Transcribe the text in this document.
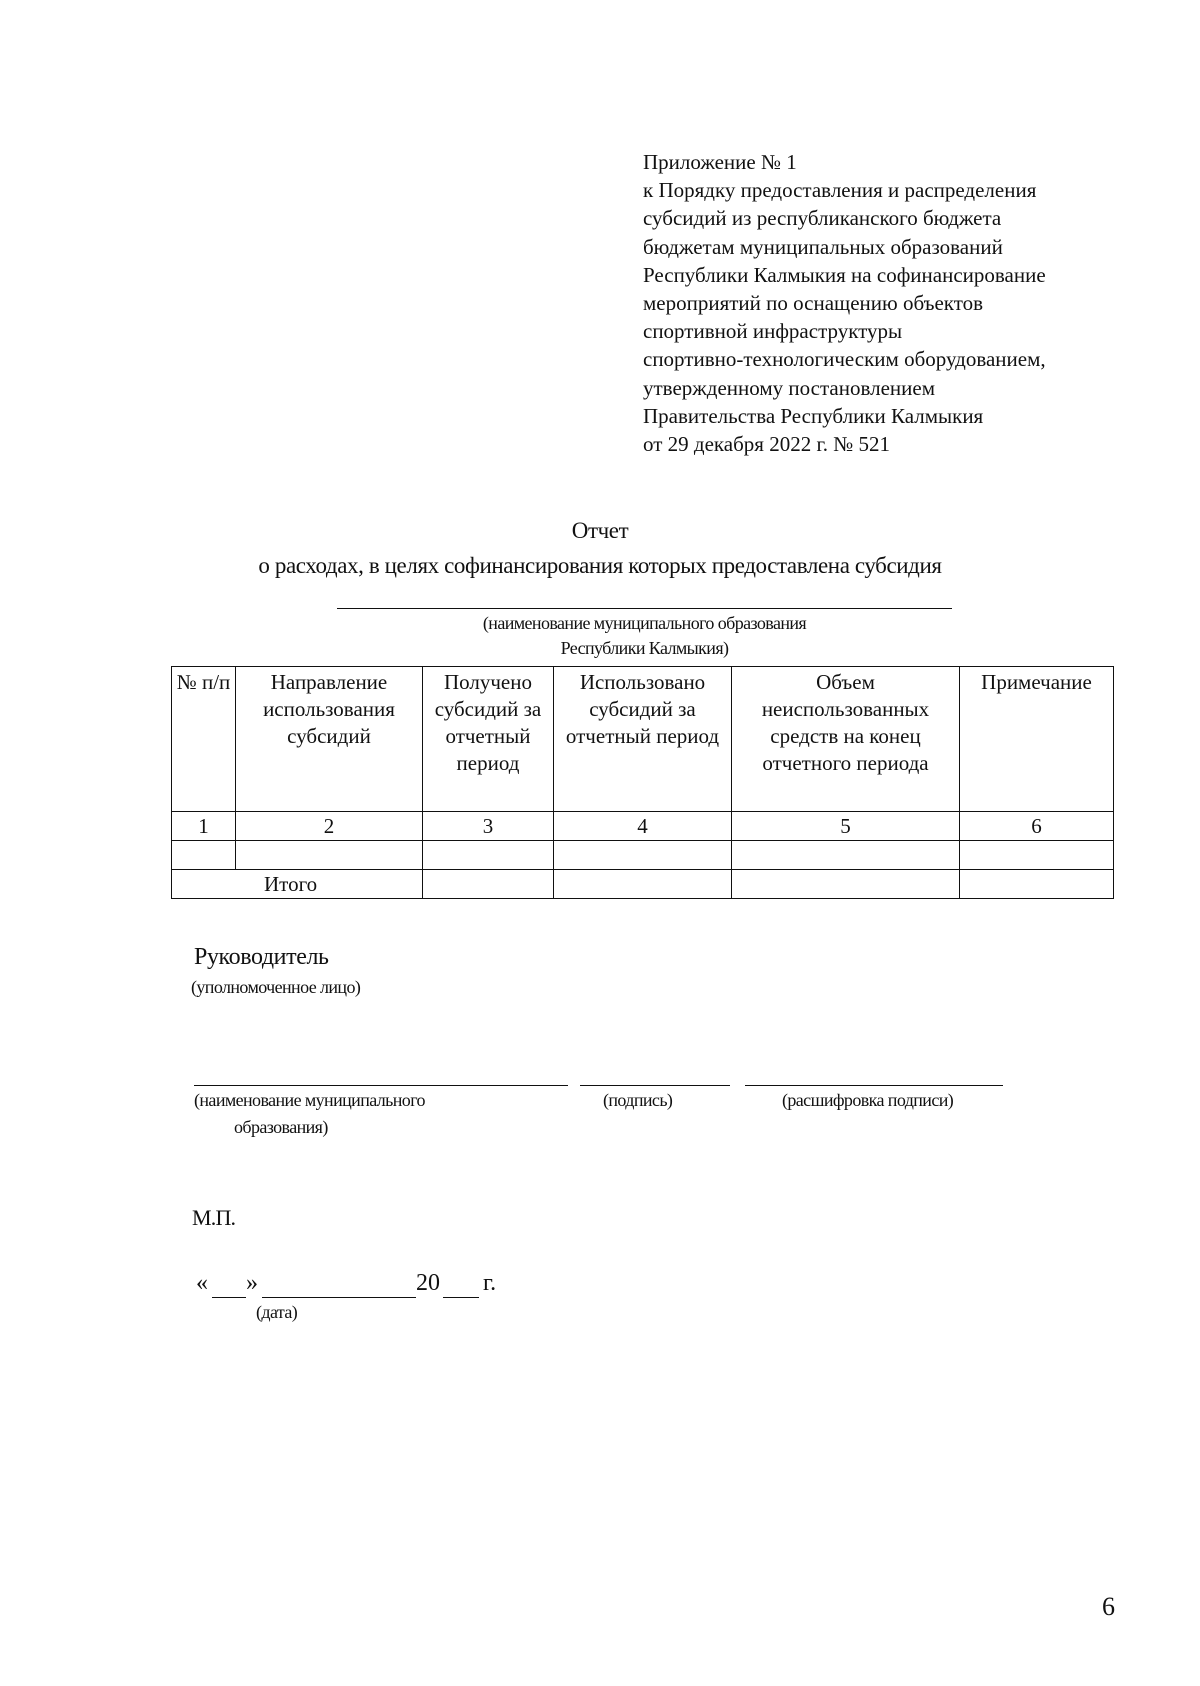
Приложение № 1
к Порядку предоставления и распределения
субсидий из республиканского бюджета
бюджетам муниципальных образований
Республики Калмыкия на софинансирование
мероприятий по оснащению объектов
спортивной инфраструктуры
спортивно-технологическим оборудованием,
утвержденному постановлением
Правительства Республики Калмыкия
от 29 декабря 2022 г. № 521
Отчет
о расходах, в целях софинансирования которых предоставлена субсидия
(наименование муниципального образования
Республики Калмыкия)
№ п/п	Направление использования субсидий	Получено субсидий за отчетный период	Использовано субсидий за отчетный период	Объем неиспользованных средств на конец отчетного периода	Примечание
1	2	3	4	5	6

Итого					
Руководитель
(уполномоченное лицо)
(наименование муниципального
образования)
(подпись)	(расшифровка подписи)
М.П.
« »	20 г.
(дата)
6
